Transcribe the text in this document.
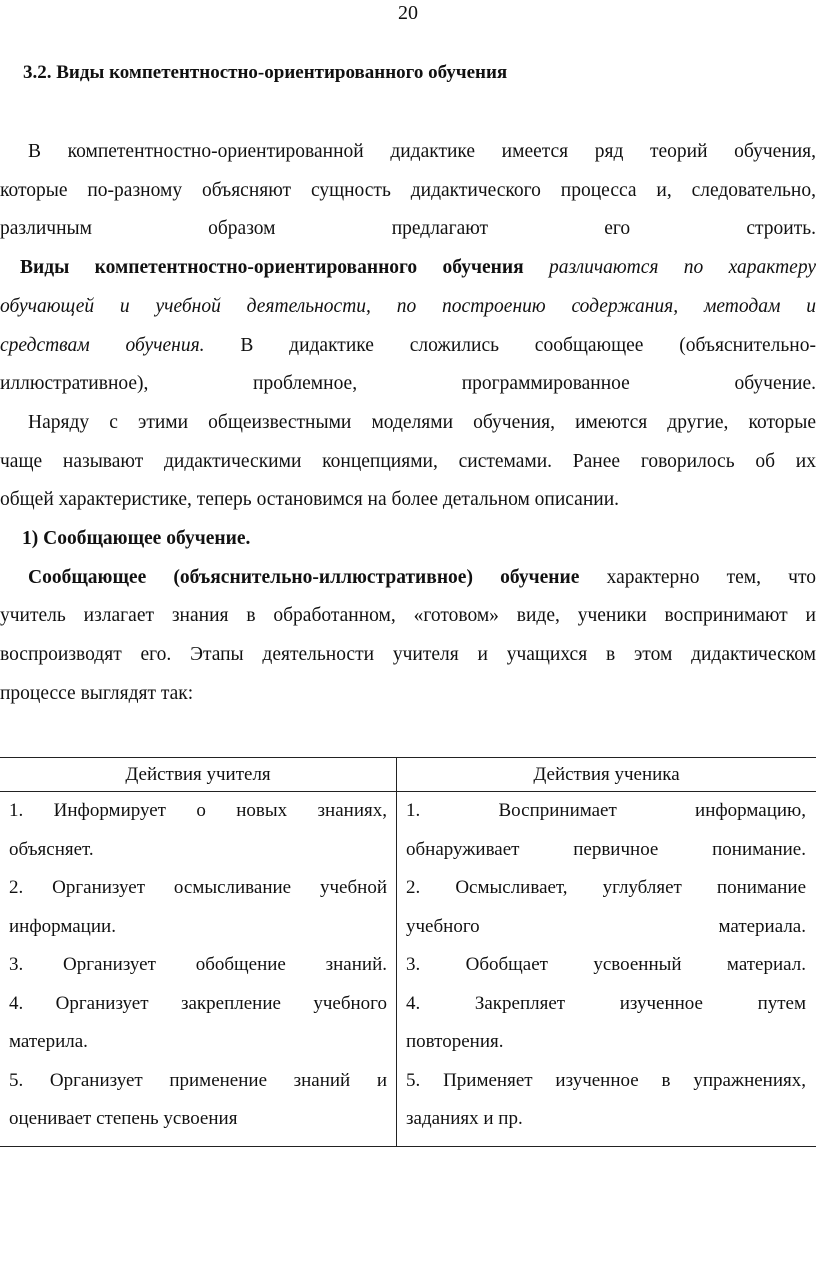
20
3.2. Виды компетентностно-ориентированного обучения

В компетентностно-ориентированной дидактике имеется ряд теорий обучения,

которые по-разному объясняют сущность дидактического процесса и, следовательно,

различным образом предлагают его строить.

Виды компетентностно-ориентированного обучения различаются по характеру

обучающей и учебной деятельности, по построению содержания, методам и

средствам обучения. В дидактике сложились сообщающее (объяснительно-

иллюстративное), проблемное, программированное обучение.

Наряду с этими общеизвестными моделями обучения, имеются другие, которые

чаще называют дидактическими концепциями, системами. Ранее говорилось об их

общей характеристике, теперь остановимся на более детальном описании.

1) Сообщающее обучение.

Сообщающее (объяснительно-иллюстративное) обучение характерно тем, что

учитель излагает знания в обработанном, «готовом» виде, ученики воспринимают и

воспроизводят его. Этапы деятельности учителя и учащихся в этом дидактическом

процессе выглядят так:

Действия учителя	Действия ученика
1. Информирует о новых знаниях,
объясняет.
2. Организует осмысливание учебной
информации.
3. Организует обобщение знаний.
4. Организует закрепление учебного
материла.
5. Организует применение знаний и
оценивает степень усвоения
1. Воспринимает информацию,
обнаруживает первичное понимание.
2. Осмысливает, углубляет понимание
учебного материала.
3. Обобщает усвоенный материал.
4. Закрепляет изученное путем
повторения.
5. Применяет изученное в упражнениях,
заданиях и пр.
